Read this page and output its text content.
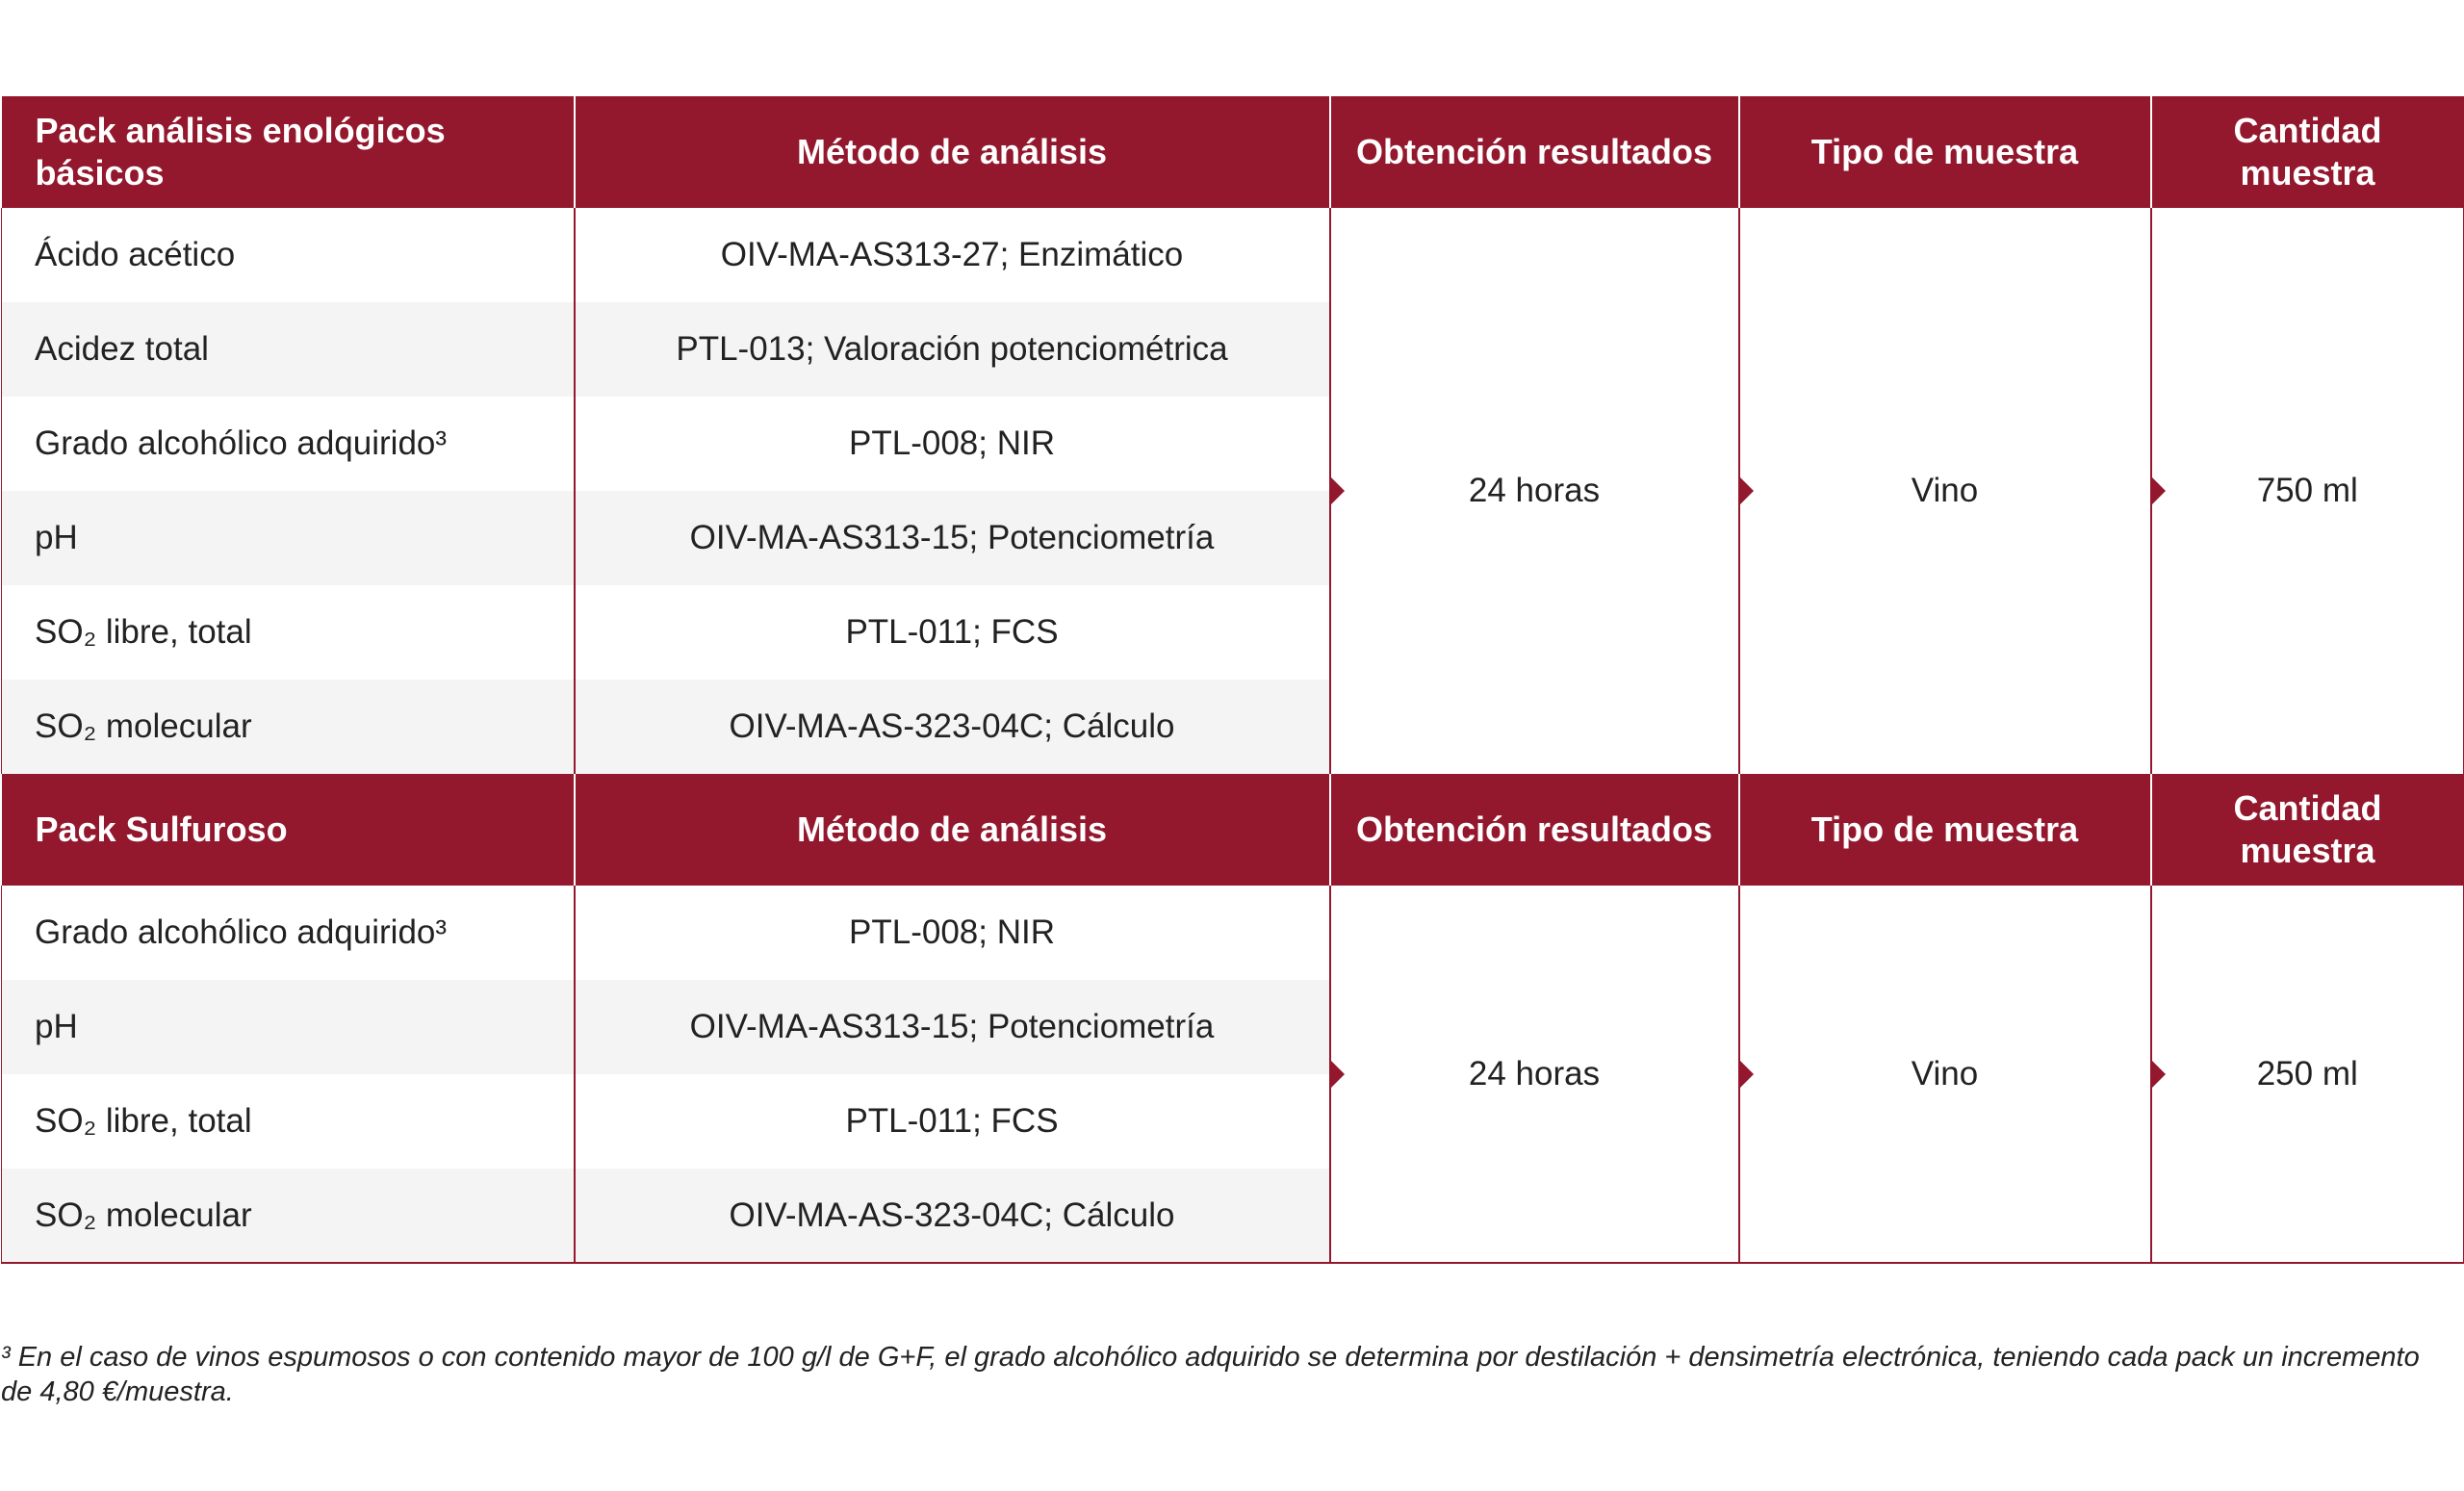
Pack análisis enológicos básicos	Método de análisis	Obtención resultados	Tipo de muestra	Cantidad muestra
Ácido acético	OIV-MA-AS313-27; Enzimático	24 horas	Vino	750 ml
Acidez total	PTL-013; Valoración potenciométrica			
Grado alcohólico adquirido³	PTL-008; NIR			
pH	OIV-MA-AS313-15; Potenciometría			
SO₂ libre, total	PTL-011; FCS			
SO₂ molecular	OIV-MA-AS-323-04C; Cálculo			
Pack Sulfuroso	Método de análisis	Obtención resultados	Tipo de muestra	Cantidad muestra
Grado alcohólico adquirido³	PTL-008; NIR	24 horas	Vino	250 ml
pH	OIV-MA-AS313-15; Potenciometría			
SO₂ libre, total	PTL-011; FCS			
SO₂ molecular	OIV-MA-AS-323-04C; Cálculo			
³ En el caso de vinos espumosos o con contenido mayor de 100 g/l de G+F, el grado alcohólico adquirido se determina por destilación + densimetría electrónica, teniendo cada pack un incremento de 4,80 €/muestra.
